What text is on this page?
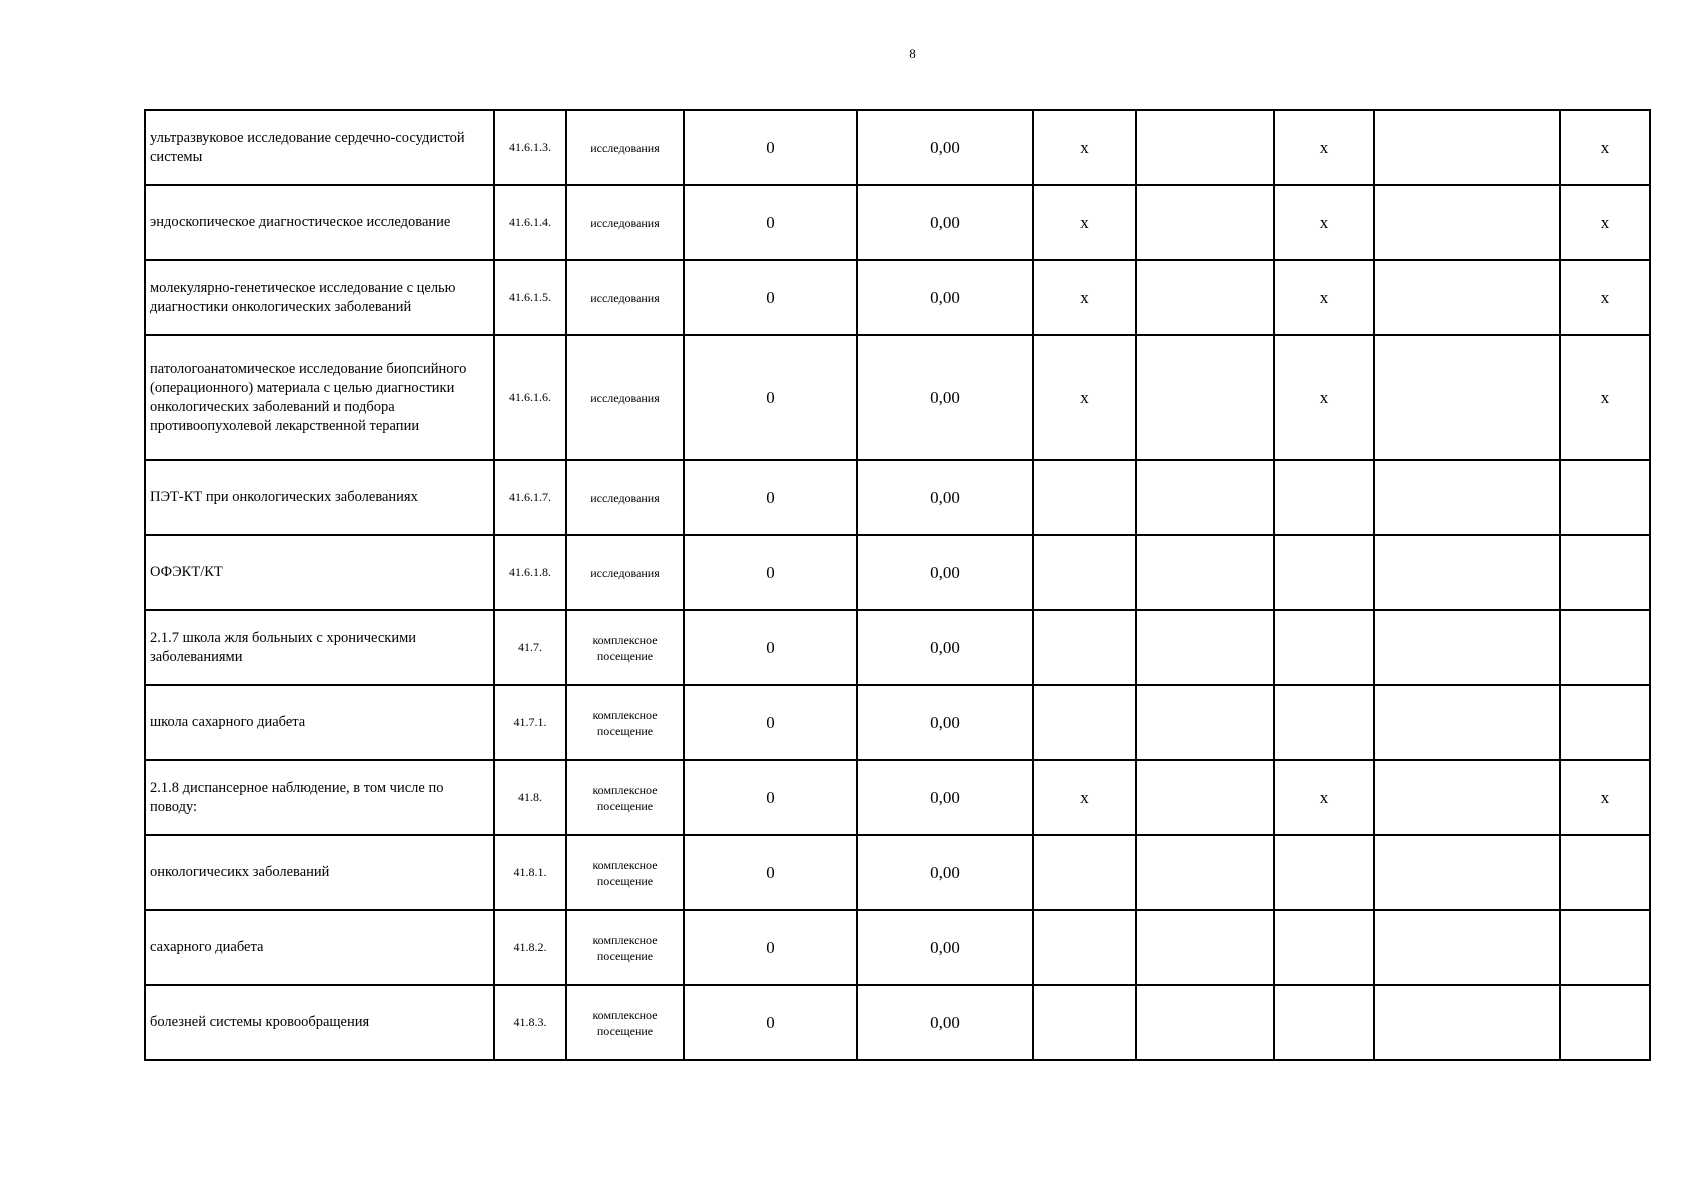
8
ультразвуковое исследование сердечно-сосудистой системы	41.6.1.3.	исследования	0	0,00	х		х		х
эндоскопическое диагностическое исследование	41.6.1.4.	исследования	0	0,00	х		х		х
молекулярно-генетическое исследование с целью диагностики онкологических заболеваний	41.6.1.5.	исследования	0	0,00	х		х		х
патологоанатомическое исследование биопсийного (операционного) материала с целью диагностики онкологических заболеваний и подбора противоопухолевой лекарственной терапии	41.6.1.6.	исследования	0	0,00	х		х		х
ПЭТ-КТ при онкологических заболеваниях	41.6.1.7.	исследования	0	0,00					
ОФЭКТ/КТ	41.6.1.8.	исследования	0	0,00					
2.1.7 школа жля больныих с хроническими заболеваниями	41.7.	комплексное посещение	0	0,00					
школа сахарного диабета	41.7.1.	комплексное посещение	0	0,00					
2.1.8 диспансерное наблюдение, в том числе по поводу:	41.8.	комплексное посещение	0	0,00	х		х		х
онкологичесикх заболеваний	41.8.1.	комплексное посещение	0	0,00					
сахарного диабета	41.8.2.	комплексное посещение	0	0,00					
болезней системы кровообращения	41.8.3.	комплексное посещение	0	0,00					
